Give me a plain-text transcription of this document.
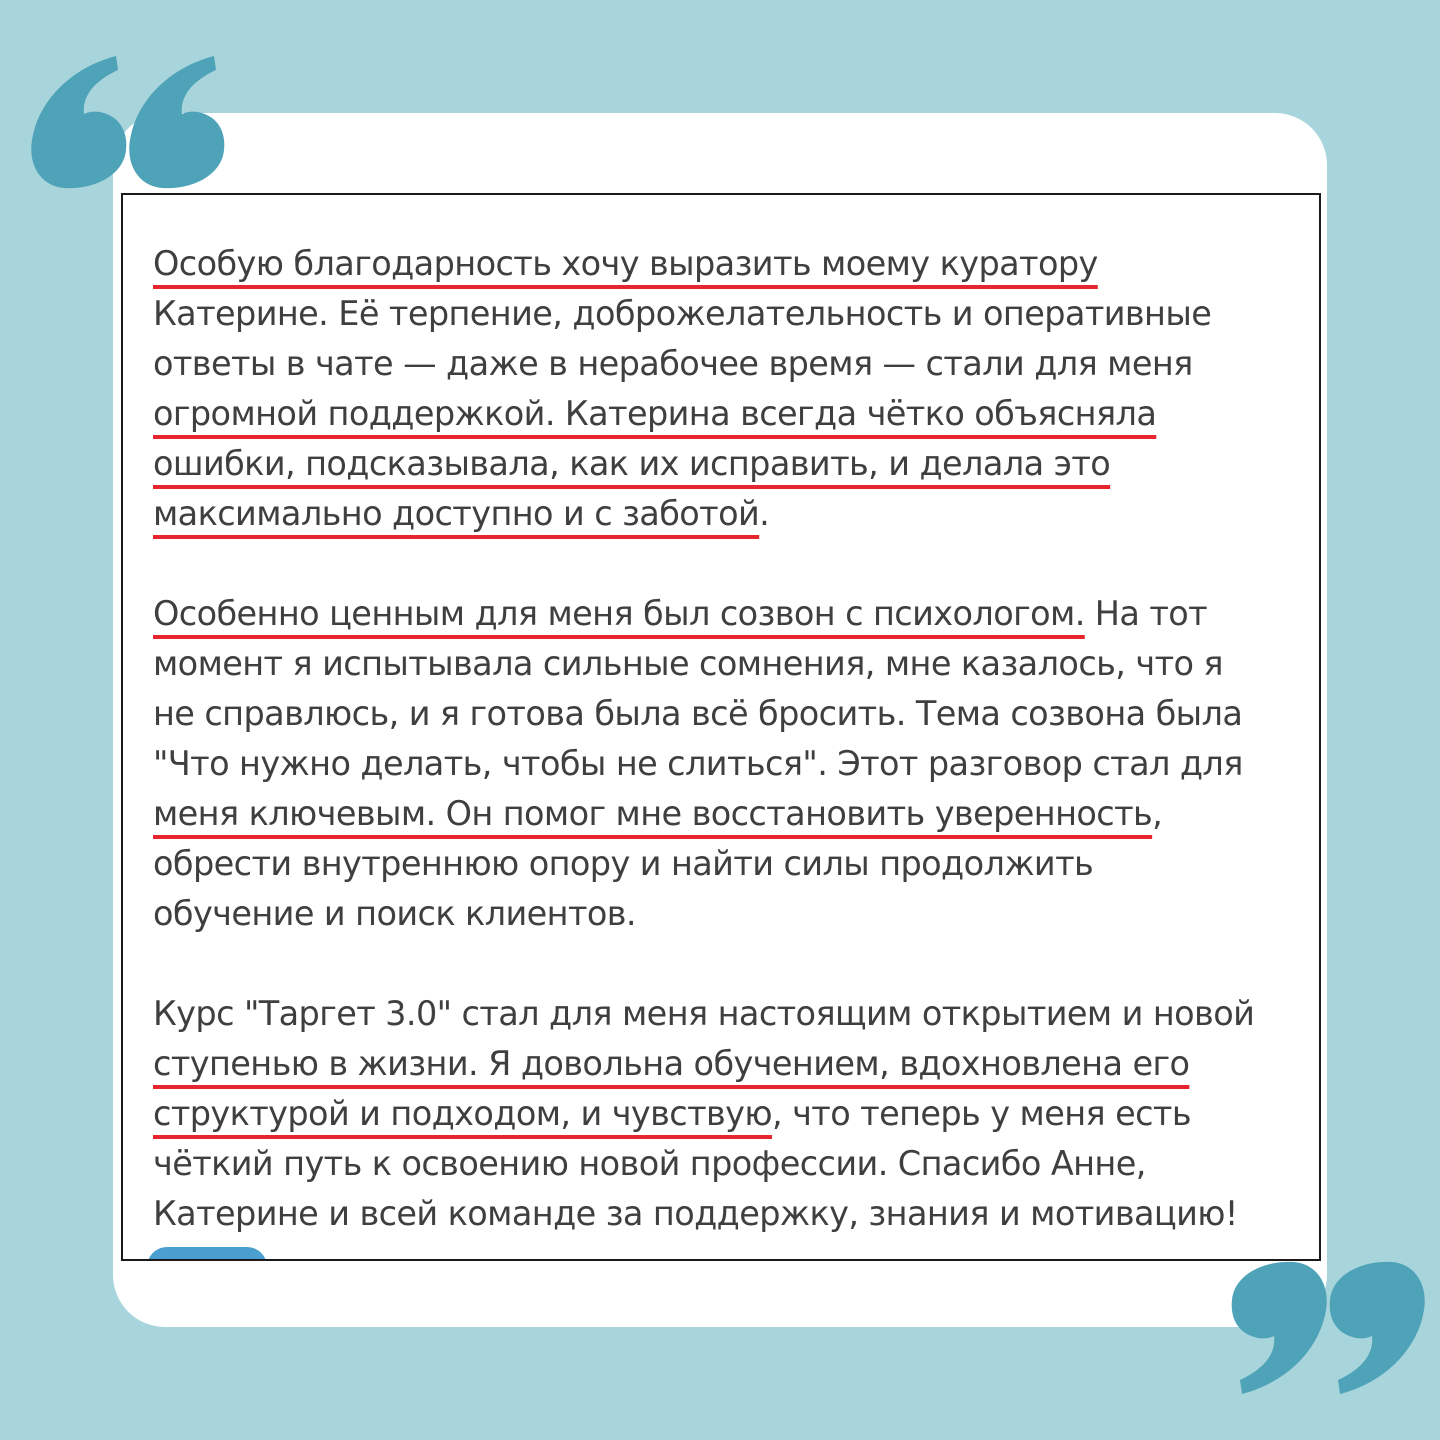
Особую благодарность хочу выразить моему куратору
Катерине. Её терпение, доброжелательность и оперативные
ответы в чате — даже в нерабочее время — стали для меня
огромной поддержкой. Катерина всегда чётко объясняла
ошибки, подсказывала, как их исправить, и делала это
максимально доступно и с заботой.
Особенно ценным для меня был созвон с психологом. На тот
момент я испытывала сильные сомнения, мне казалось, что я
не справлюсь, и я готова была всё бросить. Тема созвона была
"Что нужно делать, чтобы не слиться". Этот разговор стал для
меня ключевым. Он помог мне восстановить уверенность,
обрести внутреннюю опору и найти силы продолжить
обучение и поиск клиентов.
Курс "Таргет 3.0" стал для меня настоящим открытием и новой
ступенью в жизни. Я довольна обучением, вдохновлена его
структурой и подходом, и чувствую, что теперь у меня есть
чёткий путь к освоению новой профессии. Спасибо Анне,
Катерине и всей команде за поддержку, знания и мотивацию!
